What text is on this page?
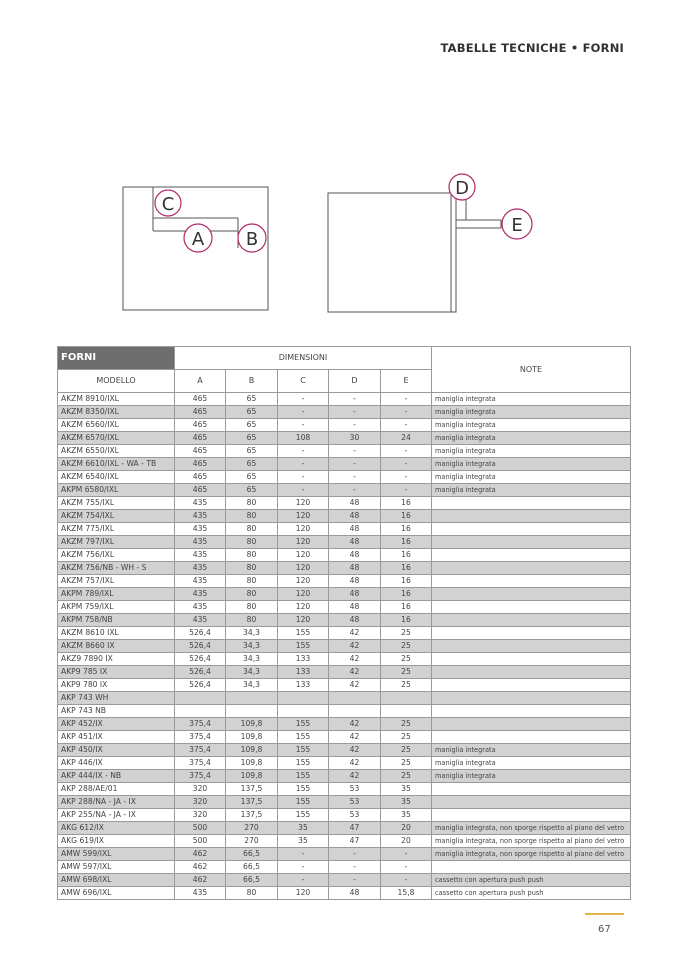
TABELLE TECNICHE • FORNI
C
A B
D
E
FORNI	DIMENSIONI					NOTE
MODELLO	A	B	C	D	E	
AKZM 8910/IXL	465	65	-	-	-	maniglia integrata
AKZM 8350/IXL	465	65	-	-	-	maniglia integrata
AKZM 6560/IXL	465	65	-	-	-	maniglia integrata
AKZM 6570/IXL	465	65	108	30	24	maniglia integrata
AKZM 6550/IXL	465	65	-	-	-	maniglia integrata
AKZM 6610/IXL - WA - TB	465	65	-	-	-	maniglia integrata
AKZM 6540/IXL	465	65	-	-	-	maniglia integrata
AKPM 6580/IXL	465	65	-	-	-	maniglia integrata
AKZM 755/IXL	435	80	120	48	16	
AKZM 754/IXL	435	80	120	48	16	
AKZM 775/IXL	435	80	120	48	16	
AKZM 797/IXL	435	80	120	48	16	
AKZM 756/IXL	435	80	120	48	16	
AKZM 756/NB - WH - S	435	80	120	48	16	
AKZM 757/IXL	435	80	120	48	16	
AKPM 789/IXL	435	80	120	48	16	
AKPM 759/IXL	435	80	120	48	16	
AKPM 758/NB	435	80	120	48	16	
AKZM 8610 IXL	526,4	34,3	155	42	25	
AKZM 8660 IX	526,4	34,3	155	42	25	
AKZ9 7890 IX	526,4	34,3	133	42	25	
AKP9 785 IX	526,4	34,3	133	42	25	
AKP9 780 IX	526,4	34,3	133	42	25	
AKP 743 WH						
AKP 743 NB						
AKP 452/IX	375,4	109,8	155	42	25	
AKP 451/IX	375,4	109,8	155	42	25	
AKP 450/IX	375,4	109,8	155	42	25	maniglia integrata
AKP 446/IX	375,4	109,8	155	42	25	maniglia integrata
AKP 444/IX - NB	375,4	109,8	155	42	25	maniglia integrata
AKP 288/AE/01	320	137,5	155	53	35	
AKP 288/NA - JA - IX	320	137,5	155	53	35	
AKP 255/NA - JA - IX	320	137,5	155	53	35	
AKG 612/IX	500	270	35	47	20	maniglia integrata, non sporge rispetto al piano del vetro
AKG 619/IX	500	270	35	47	20	maniglia integrata, non sporge rispetto al piano del vetro
AMW 599/IXL	462	66,5	-	-	-	maniglia integrata, non sporge rispetto al piano del vetro
AMW 597/IXL	462	66,5	-	-	-	
AMW 698/IXL	462	66,5	-	-	-	cassetto con apertura push push
AMW 696/IXL	435	80	120	48	15,8	cassetto con apertura push push
67
